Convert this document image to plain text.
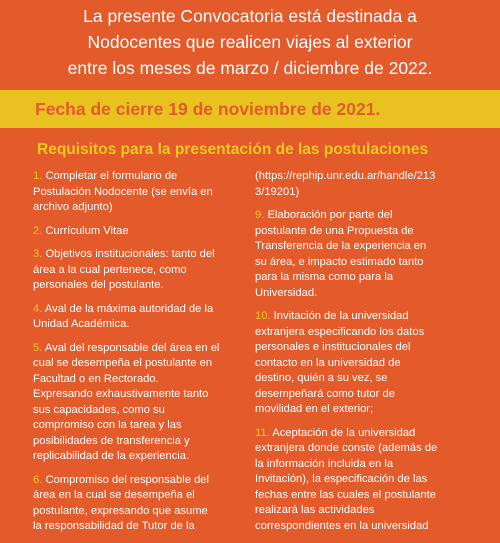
La presente Convocatoria está destinada a
Nodocentes que realicen viajes al exterior
entre los meses de marzo / diciembre de 2022.
Fecha de cierre 19 de noviembre de 2021.
Requisitos para la presentación de las postulaciones
1. Completar el formulario de
Postulación Nodocente (se envía en
archivo adjunto)
2. Currículum Vitae
3. Objetivos institucionales: tanto del
área a la cual pertenece, como
personales del postulante.
4. Aval de la máxima autoridad de la
Unidad Académica.
5. Aval del responsable del área en el
cual se desempeña el postulante en
Facultad o en Rectorado.
Expresando exhaustivamente tanto
sus capacidades, como su
compromiso con la tarea y las
posibilidades de transferencia y
replicabilidad de la experiencia.
6. Compromiso del responsable del
área en la cual se desempeña el
postulante, expresando que asume
la responsabilidad de Tutor de la
(https://rephip.unr.edu.ar/handle/213
3/19201)
9. Elaboración por parte del
postulante de una Propuesta de
Transferencia de la experiencia en
su área, e impacto estimado tanto
para la misma como para la
Universidad.
10. Invitación de la universidad
extranjera especificando los datos
personales e institucionales del
contacto en la universidad de
destino, quién a su vez, se
desempeñará como tutor de
movilidad en el exterior;
11. Aceptación de la universidad
extranjera donde conste (además de
la información incluida en la
Invitación), la especificación de las
fechas entre las cuales el postulante
realizará las actividades
correspondientes en la universidad
